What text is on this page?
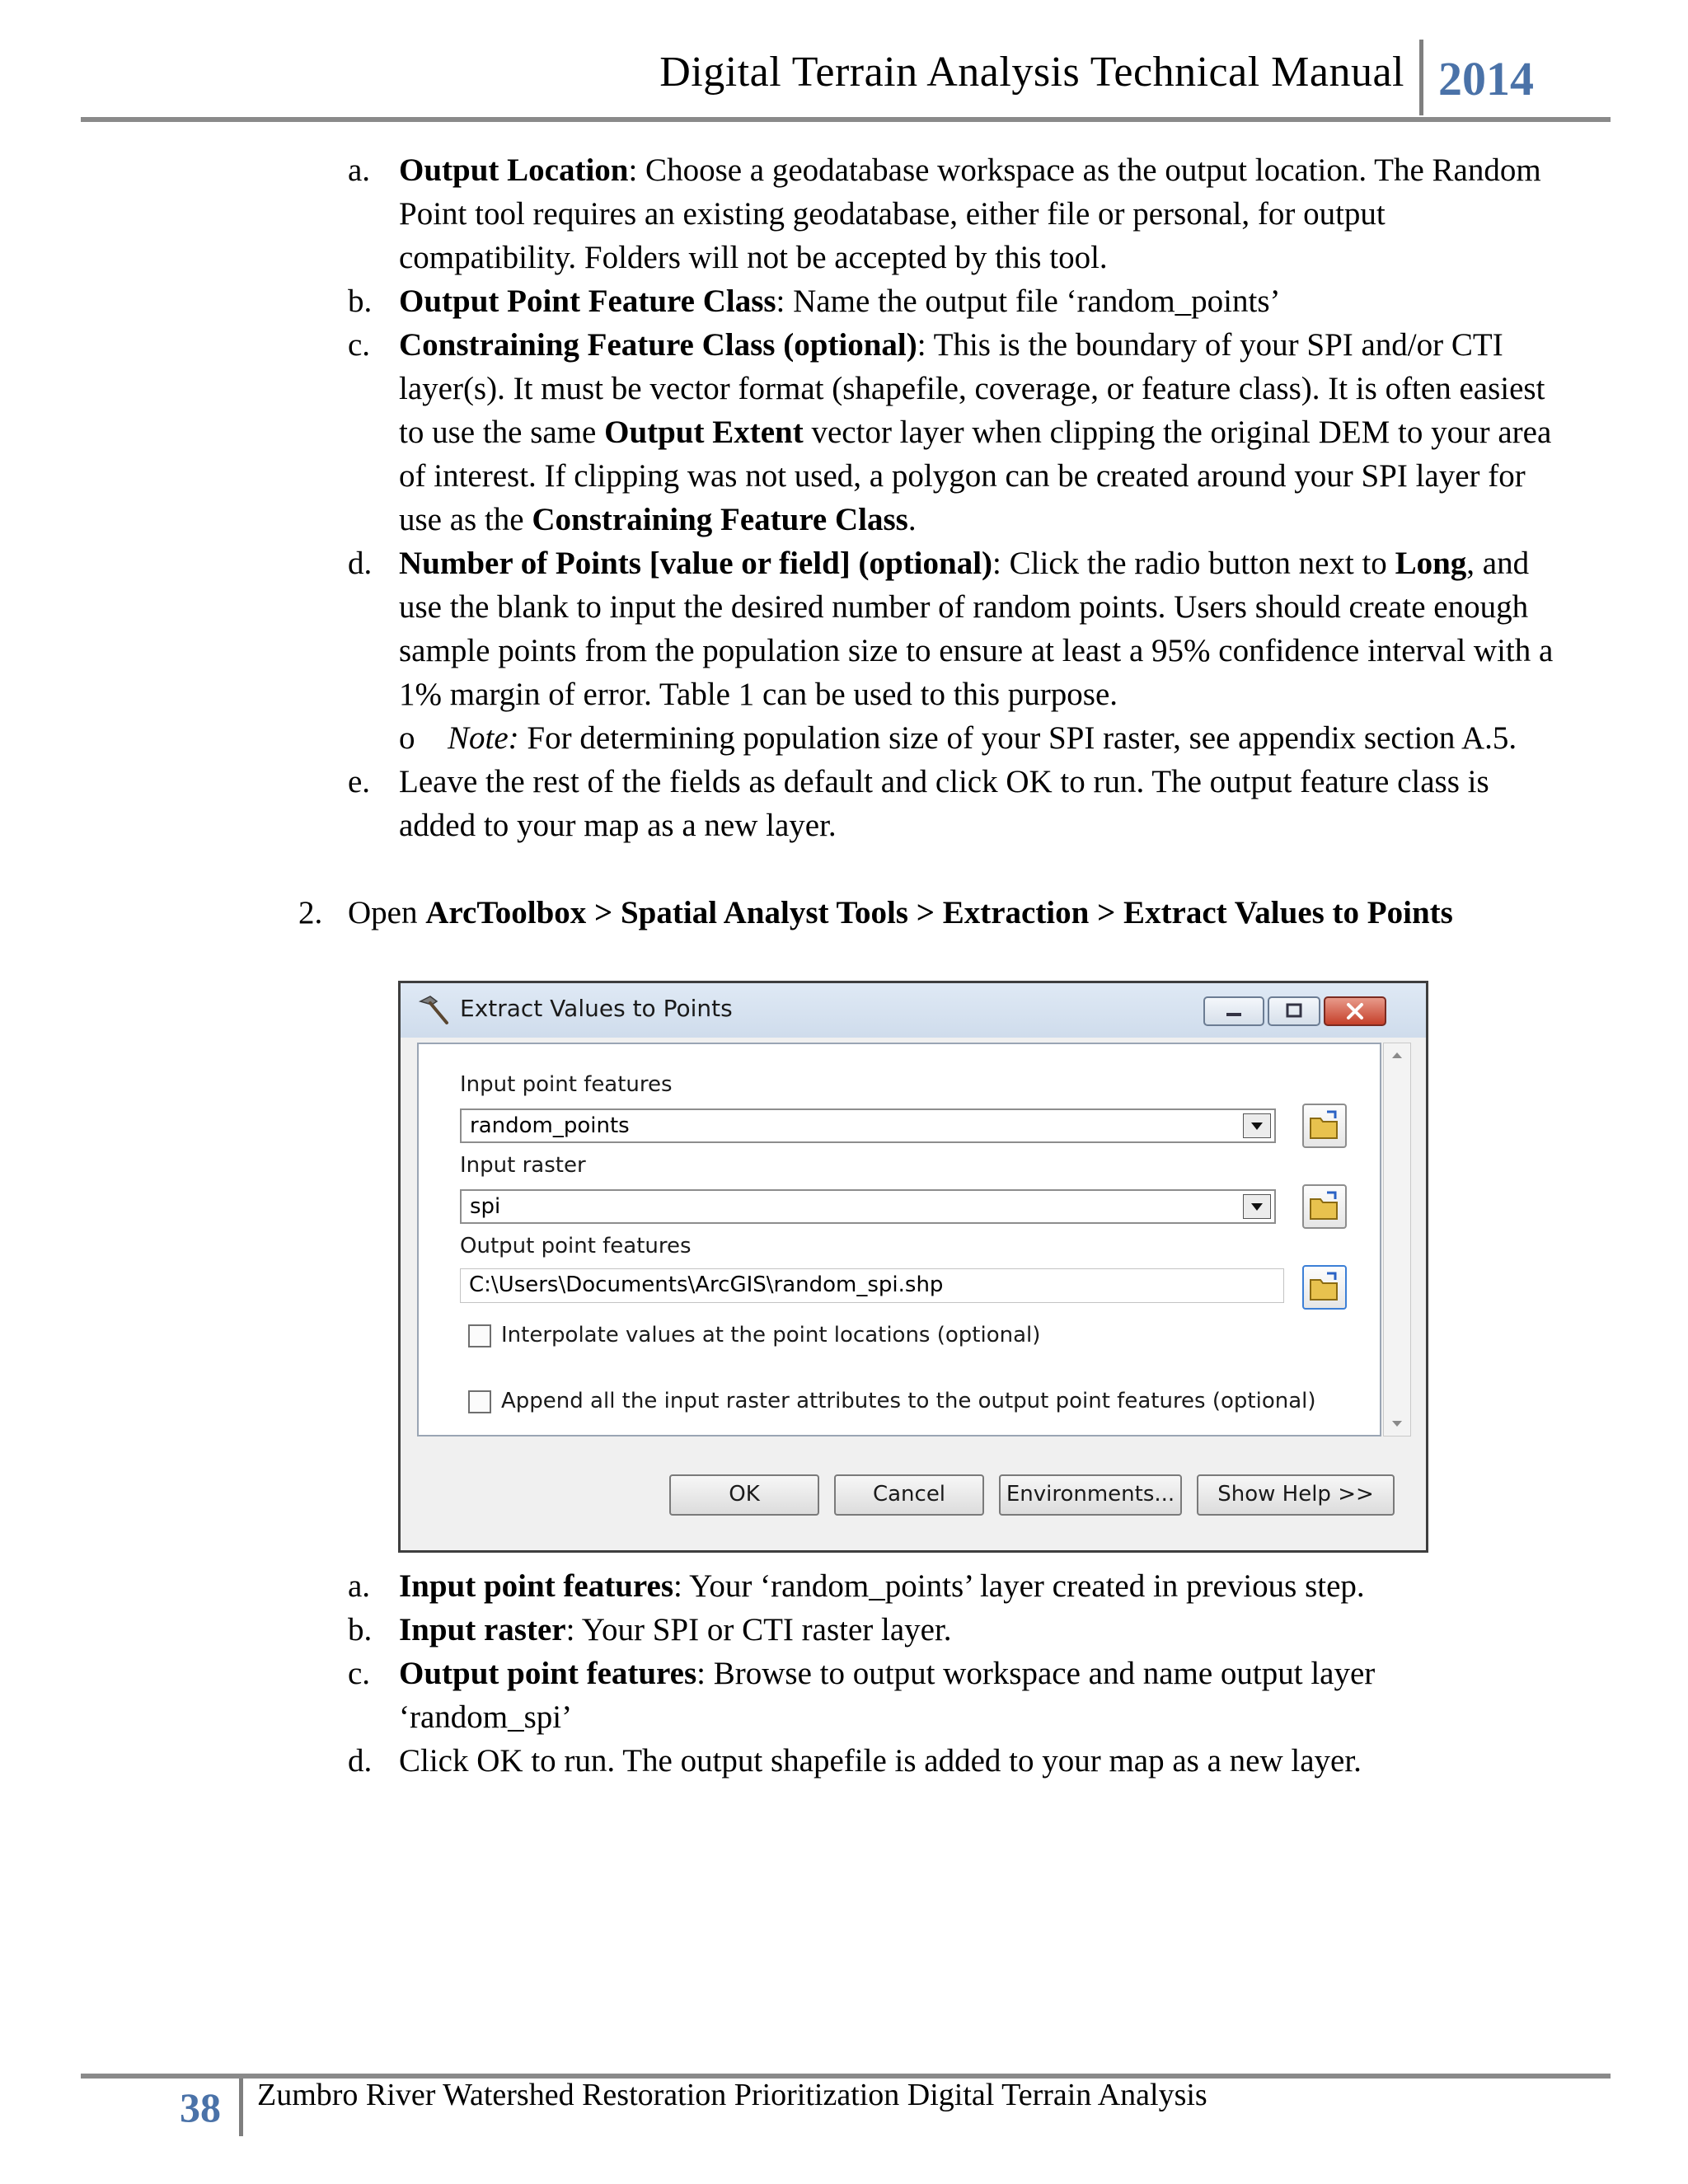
Digital Terrain Analysis Technical Manual 2014
a. Output Location: Choose a geodatabase workspace as the output location. The Random
Point tool requires an existing geodatabase, either file or personal, for output
compatibility. Folders will not be accepted by this tool.
b. Output Point Feature Class: Name the output file ‘random_points’
c. Constraining Feature Class (optional): This is the boundary of your SPI and/or CTI
layer(s). It must be vector format (shapefile, coverage, or feature class). It is often easiest
to use the same Output Extent vector layer when clipping the original DEM to your area
of interest. If clipping was not used, a polygon can be created around your SPI layer for
use as the Constraining Feature Class.
d. Number of Points [value or field] (optional): Click the radio button next to Long, and
use the blank to input the desired number of random points. Users should create enough
sample points from the population size to ensure at least a 95% confidence interval with a
1% margin of error. Table 1 can be used to this purpose.
o Note: For determining population size of your SPI raster, see appendix section A.5.
e. Leave the rest of the fields as default and click OK to run. The output feature class is
added to your map as a new layer.
2. Open ArcToolbox > Spatial Analyst Tools > Extraction > Extract Values to Points
Extract Values to Points
Input point features
random_points
Input raster
spi
Output point features
C:\Users\Documents\ArcGIS\random_spi.shp
Interpolate values at the point locations (optional)
Append all the input raster attributes to the output point features (optional)
OK	Cancel	Environments...	Show Help >>
a. Input point features: Your ‘random_points’ layer created in previous step.
b. Input raster: Your SPI or CTI raster layer.
c. Output point features: Browse to output workspace and name output layer
‘random_spi’
d. Click OK to run. The output shapefile is added to your map as a new layer.
38 Zumbro River Watershed Restoration Prioritization Digital Terrain Analysis
